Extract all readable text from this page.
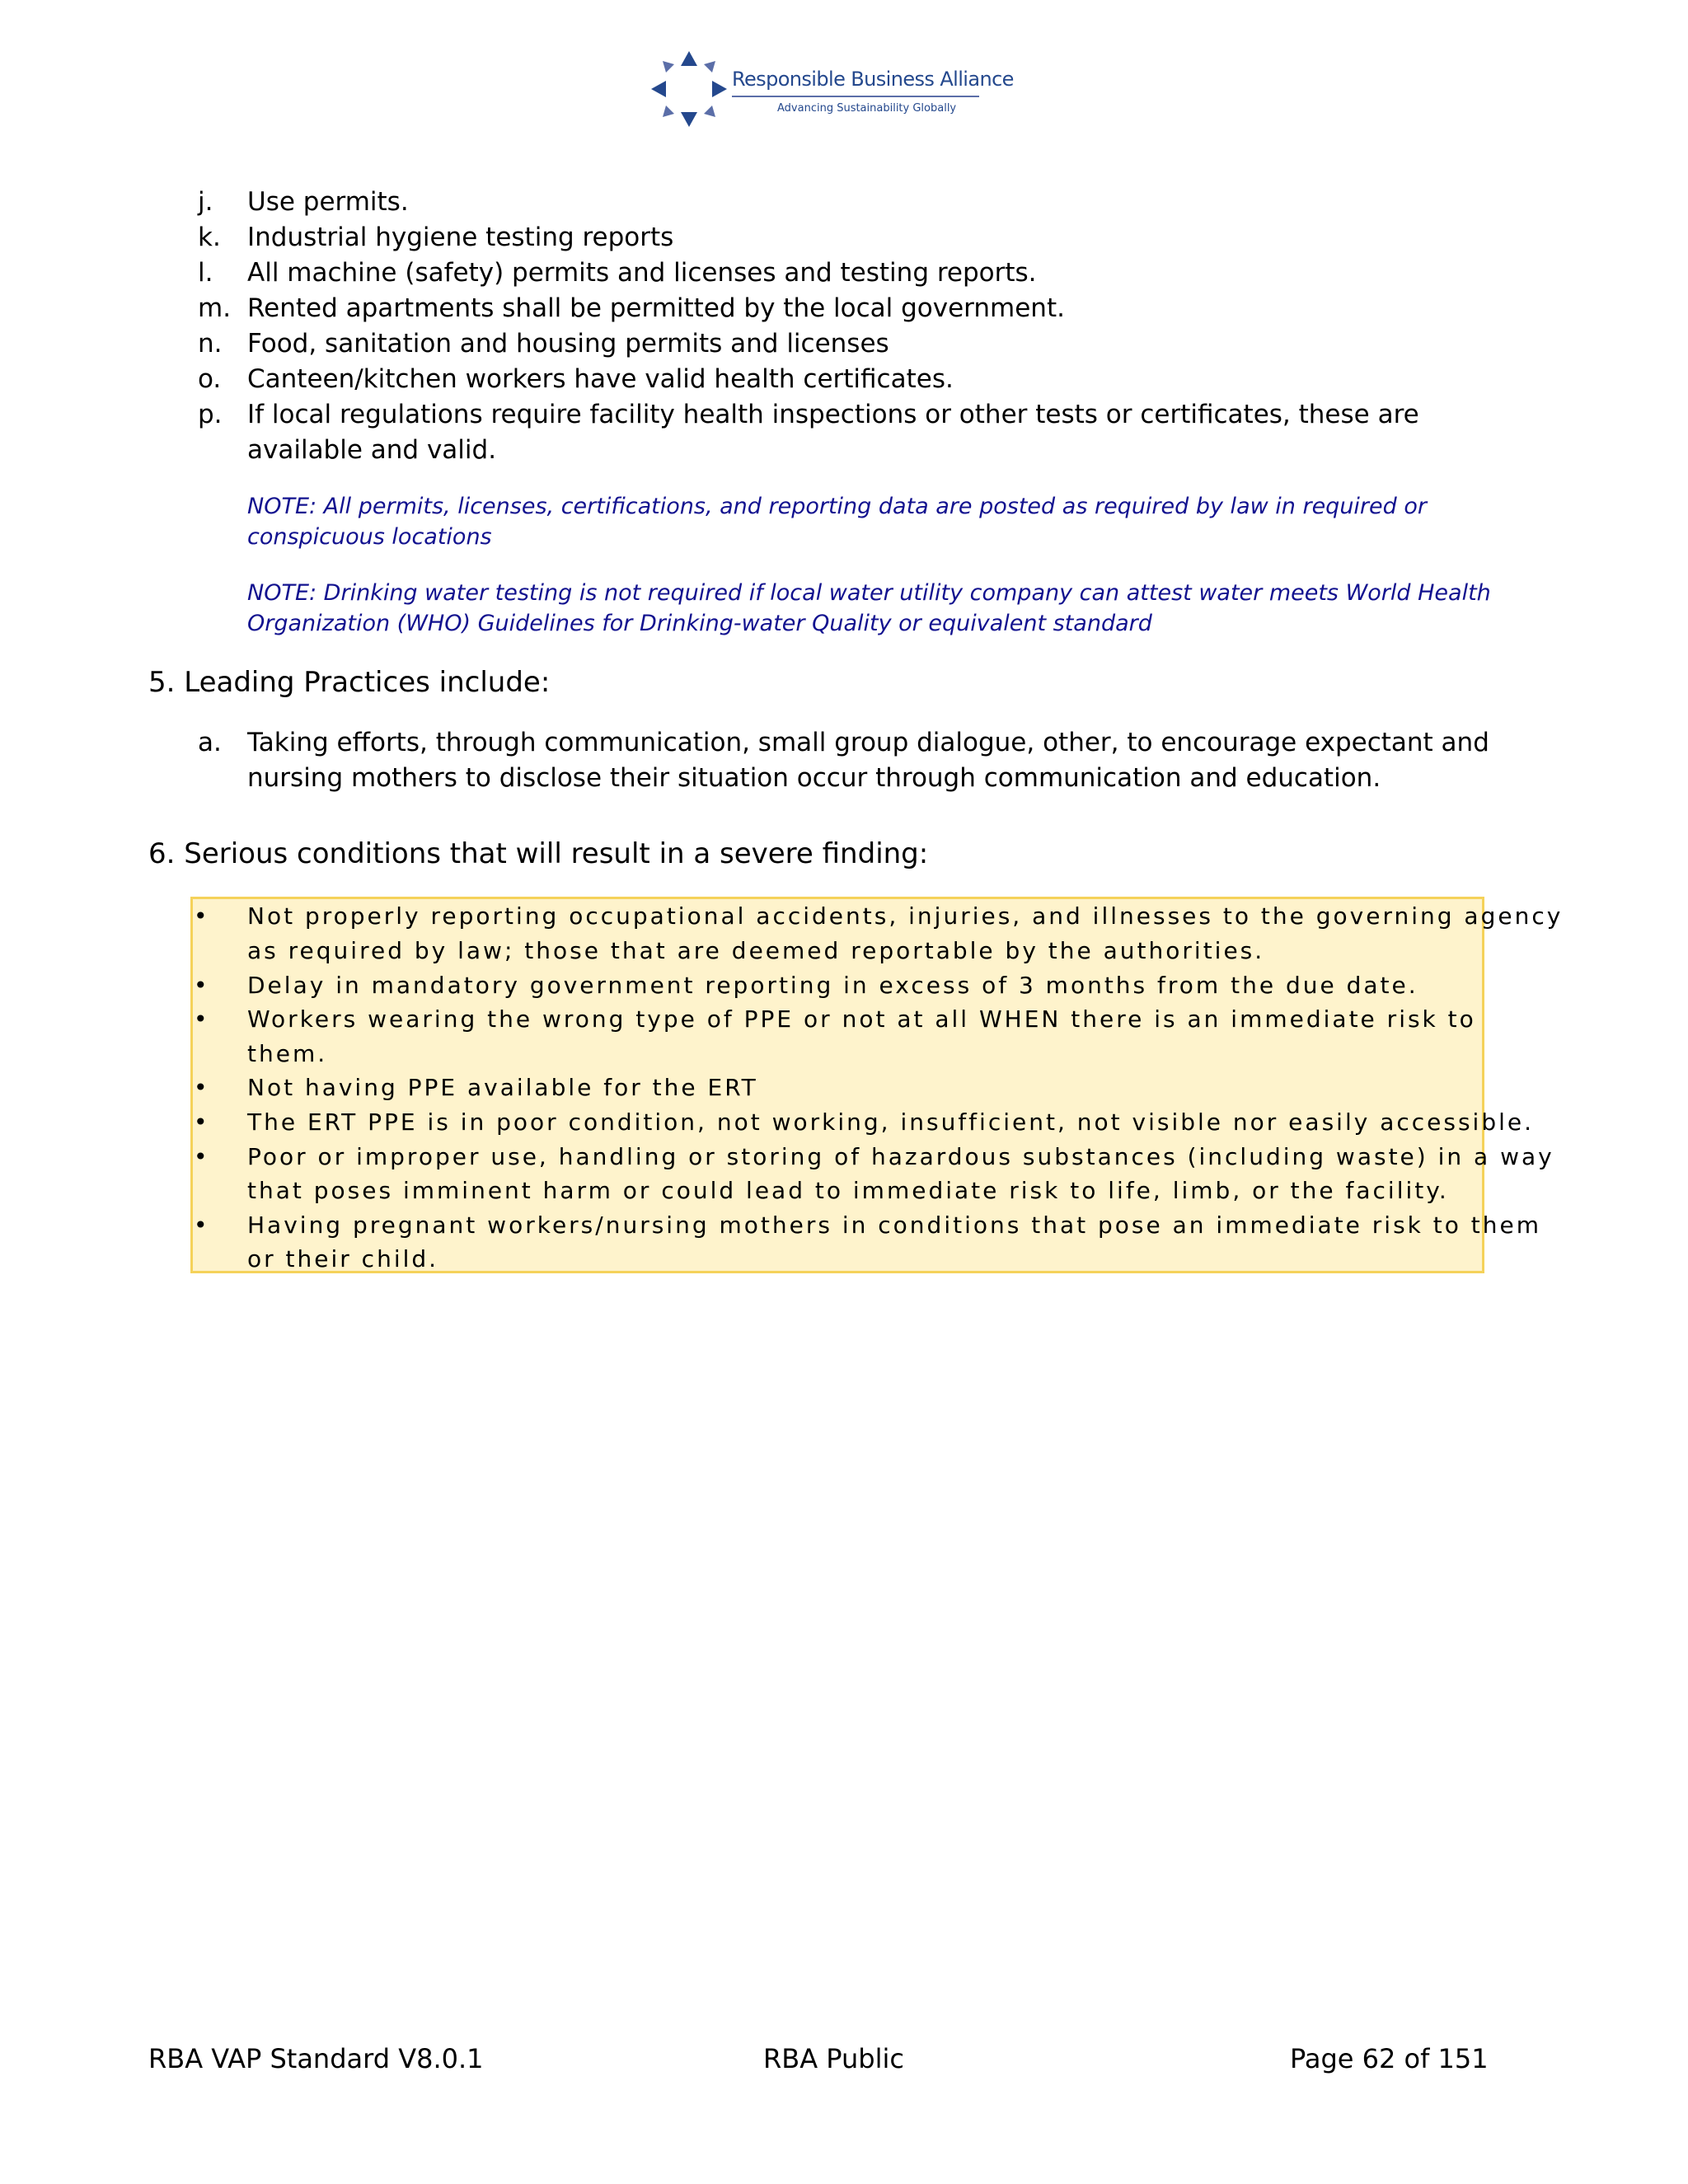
Responsible Business Alliance
Advancing Sustainability Globally
j. Use permits.
k. Industrial hygiene testing reports
l. All machine (safety) permits and licenses and testing reports.
m. Rented apartments shall be permitted by the local government.
n. Food, sanitation and housing permits and licenses
o. Canteen/kitchen workers have valid health certificates.
p. If local regulations require facility health inspections or other tests or certificates, these are
available and valid.
NOTE: All permits, licenses, certifications, and reporting data are posted as required by law in required or
conspicuous locations
NOTE: Drinking water testing is not required if local water utility company can attest water meets World Health
Organization (WHO) Guidelines for Drinking-water Quality or equivalent standard
5. Leading Practices include:
a. Taking efforts, through communication, small group dialogue, other, to encourage expectant and
nursing mothers to disclose their situation occur through communication and education.
6. Serious conditions that will result in a severe finding:
• Not properly reporting occupational accidents, injuries, and illnesses to the governing agency
as required by law; those that are deemed reportable by the authorities.
• Delay in mandatory government reporting in excess of 3 months from the due date.
• Workers wearing the wrong type of PPE or not at all WHEN there is an immediate risk to
them.
• Not having PPE available for the ERT
• The ERT PPE is in poor condition, not working, insufficient, not visible nor easily accessible.
• Poor or improper use, handling or storing of hazardous substances (including waste) in a way
that poses imminent harm or could lead to immediate risk to life, limb, or the facility.
• Having pregnant workers/nursing mothers in conditions that pose an immediate risk to them
or their child.
RBA VAP Standard V8.0.1	RBA Public	Page 62 of 151
